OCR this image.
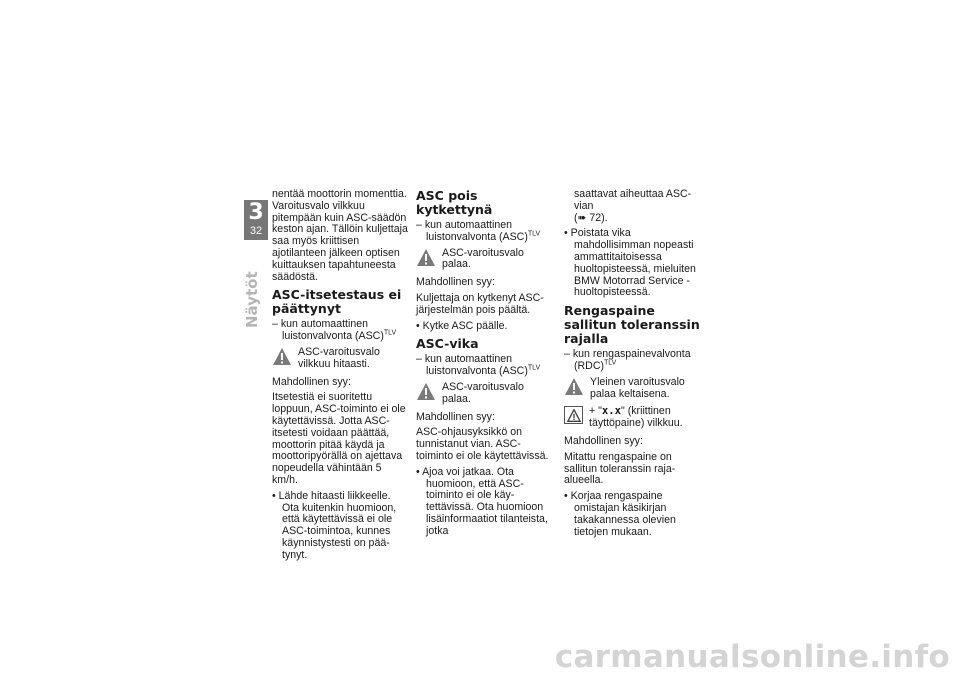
3
32
Näytöt

nentää moottorin momenttia. Varoitusvalo vilkkuu pitempään kuin ASC-säädön keston ajan. Tällöin kuljettaja saa myös kriittisen ajotilanteen jälkeen optisen kuittauksen tapahtuneesta säädöstä.

ASC-itsetestaus ei päättynyt

– kun automaattinen luistonvalvonta (ASC)$^{TLV}$

ASC-varoitusvalo vilkkuu hitaasti.

Mahdollinen syy:

Itsetestiä ei suoritettu loppuun, ASC-toiminto ei ole käytettävissä. Jotta ASC-itsetesti voidaan päättää, moottorin pitää käydä ja moottoripyörällä on ajettava nopeudella vähintään 5 km/h.

• Lähde hitaasti liikkeelle. Ota kuitenkin huomioon, että käytettävissä ei ole ASC-toimintoa, kunnes käynnistystesti on päätynyt.

ASC pois kytkettynä

– kun automaattinen luistonvalvonta (ASC)$^{TLV}$

ASC-varoitusvalo palaa.

Mahdollinen syy:

Kuljettaja on kytkenyt ASC-järjestelmän pois päältä.

• Kytke ASC päälle.

ASC-vika

– kun automaattinen luistonvalvonta (ASC)$^{TLV}$

ASC-varoitusvalo palaa.

Mahdollinen syy:

ASC-ohjausyksikkö on tunnistanut vian. ASC-toiminto ei ole käytettävissä.

• Ajoa voi jatkaa. Ota huomioon, että ASC-toiminto ei ole käytettävissä. Ota huomioon lisäinformaatiot tilanteista, jotka

saattavat aiheuttaa ASC-vian

(➠ 72).

• Poistata vika mahdollisimman nopeasti ammattitaitoisessa huoltopisteessä, mieluiten BMW Motorrad Service -huoltopisteessä.

Rengaspaine sallitun toleranssin rajalla

– kun rengaspainevalvonta (RDC)$^{TLV}$

Yleinen varoitusvalo palaa keltaisena.
+ "x.x" (kriittinen täyttöpaine) vilkkuu.

Mahdollinen syy:

Mitattu rengaspaine on sallitun toleranssin raja-alueella.

• Korjaa rengaspaine omistajan käsikirjan takakannessa olevien tietojen mukaan.

carmanualsonline.info
